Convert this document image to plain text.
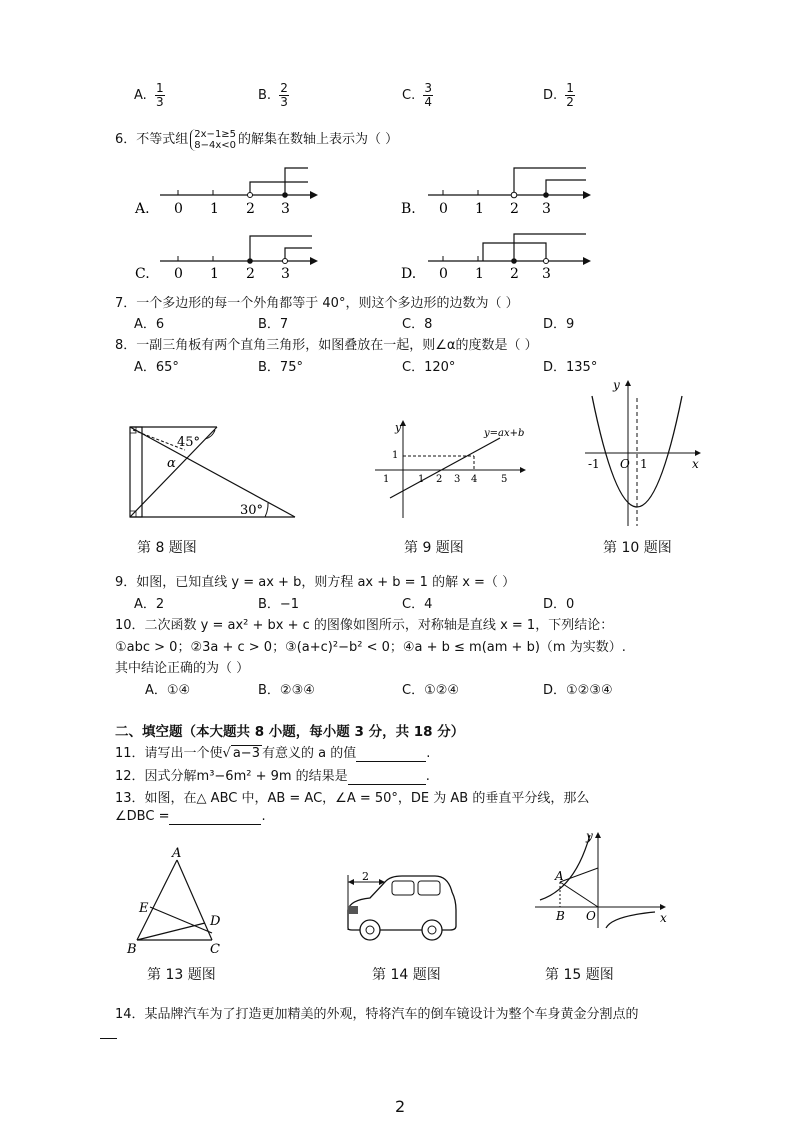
A. $\frac{1}{3}$	B. $\frac{2}{3}$	C. $\frac{3}{4}$	D. $\frac{1}{2}$
6．不等式组 2x−1≥5
8−4x<0 的解集在数轴上表示为（ ）
A. 0 1 2 3	B. 0 1 2 3
C. 0 1 2 3	D. 0 1 2 3
7．一个多边形的每一个外角都等于 40°，则这个多边形的边数为（ ）
A．6	B．7	C．8	D．9
8．一副三角板有两个直角三角形，如图叠放在一起，则∠α的度数是（ ）
A．65°	B．75°	C．120°	D．135°
45°
α
30°
第 8 题图
y
1
y=ax+b
1	1 2 3 4 5
第 9 题图
y
x
-1 O 1
第 10 题图
9．如图，已知直线 y = ax + b，则方程 ax + b = 1 的解 x =（ ）
A．2	B．−1	C．4	D．0
10．二次函数 y = ax² + bx + c 的图像如图所示，对称轴是直线 x = 1，下列结论：
①abc > 0；②3a + c > 0；③(a+c)²−b² < 0；④a + b ≤ m(am + b)（m 为实数）.
其中结论正确的为（ ）
A．①④	B．②③④	C．①②④	D．①②③④
二、填空题（本大题共 8 小题，每小题 3 分，共 18 分）
11．请写出一个使√ a−3 有意义的 a 的值	.
12．因式分解m³−6m² + 9m 的结果是	.
13．如图，在△ ABC 中，AB = AC，∠A = 50°，DE 为 AB 的垂直平分线，那么
∠DBC =	.
A
E
D
B	C
第 13 题图
2
第 14 题图
y
A
B O	x
第 15 题图
14．某品牌汽车为了打造更加精美的外观，特将汽车的倒车镜设计为整个车身黄金分割点的
2
